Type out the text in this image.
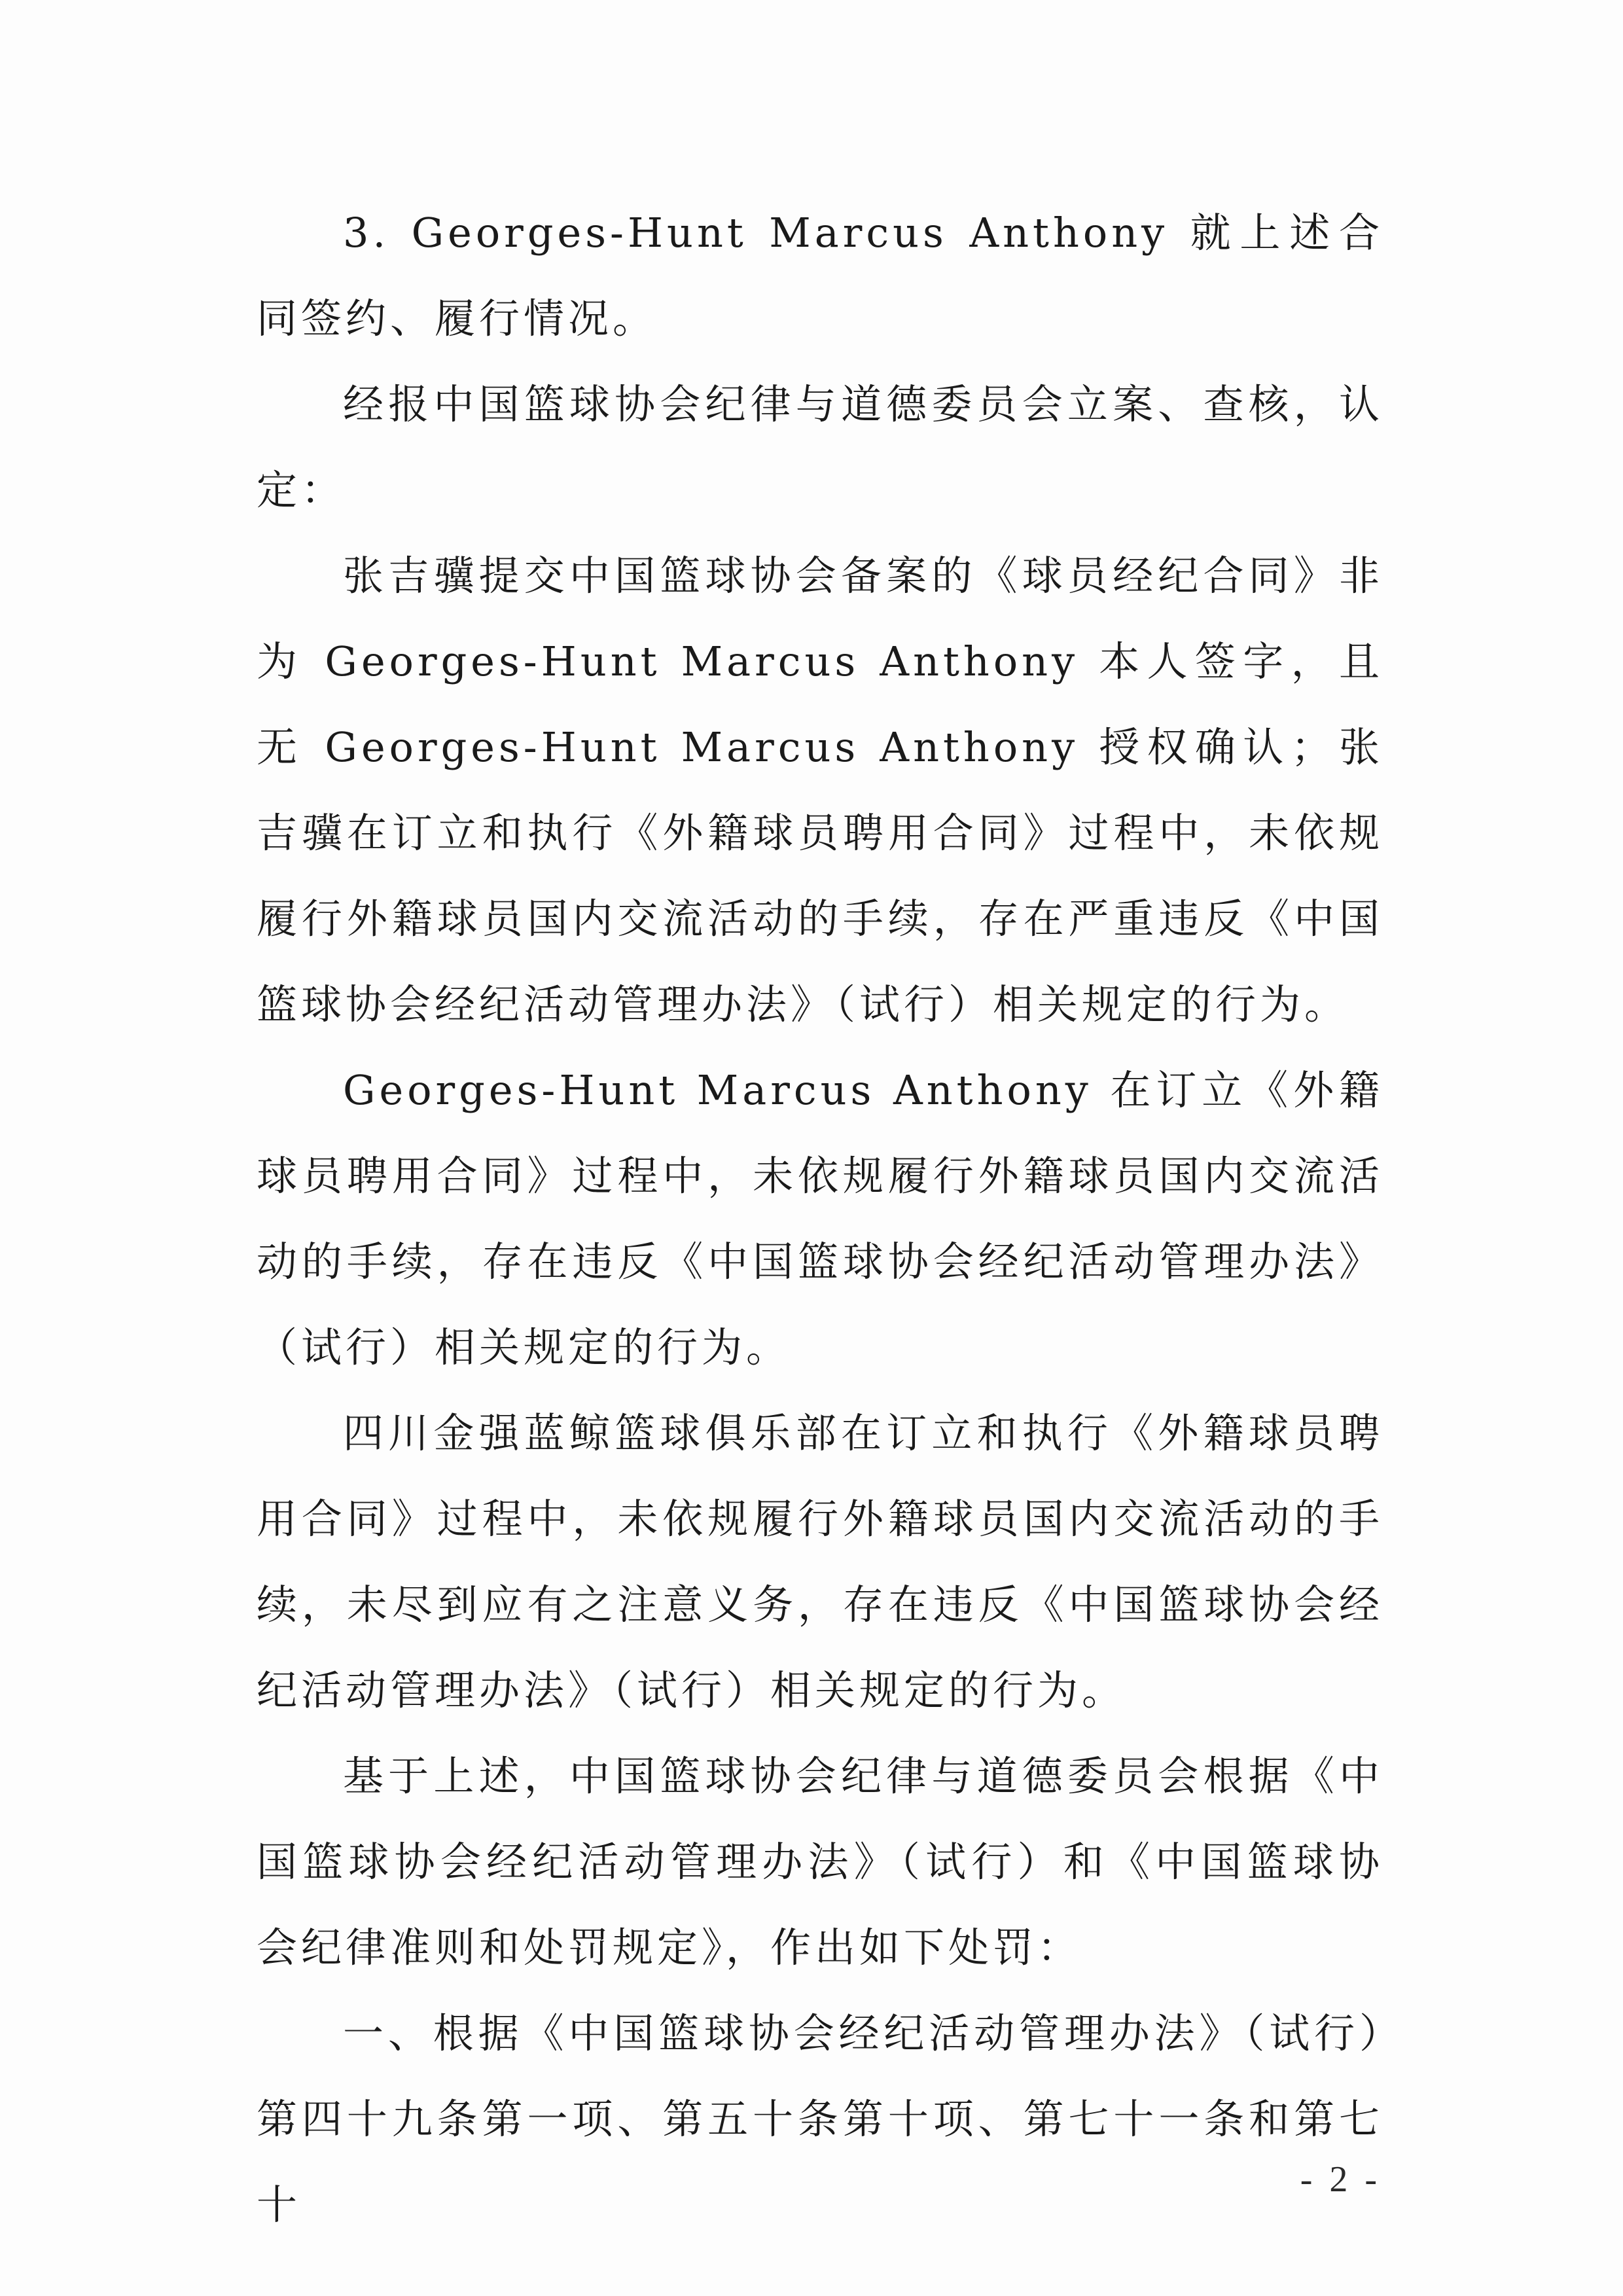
3. Georges-Hunt Marcus Anthony 就上述合同签约、履行情况。

经报中国篮球协会纪律与道德委员会立案、查核，认定：

张吉骥提交中国篮球协会备案的《球员经纪合同》非为 Georges-Hunt Marcus Anthony 本人签字，且无 Georges-Hunt Marcus Anthony 授权确认；张吉骥在订立和执行《外籍球员聘用合同》过程中，未依规履行外籍球员国内交流活动的手续，存在严重违反《中国篮球协会经纪活动管理办法》（试行）相关规定的行为。

Georges-Hunt Marcus Anthony 在订立《外籍球员聘用合同》过程中，未依规履行外籍球员国内交流活动的手续，存在违反《中国篮球协会经纪活动管理办法》（试行）相关规定的行为。

四川金强蓝鲸篮球俱乐部在订立和执行《外籍球员聘用合同》过程中，未依规履行外籍球员国内交流活动的手续，未尽到应有之注意义务，存在违反《中国篮球协会经纪活动管理办法》（试行）相关规定的行为。

基于上述，中国篮球协会纪律与道德委员会根据《中国篮球协会经纪活动管理办法》（试行）和《中国篮球协会纪律准则和处罚规定》，作出如下处罚：

一、根据《中国篮球协会经纪活动管理办法》（试行）第四十九条第一项、第五十条第十项、第七十一条和第七十

- 2 -
